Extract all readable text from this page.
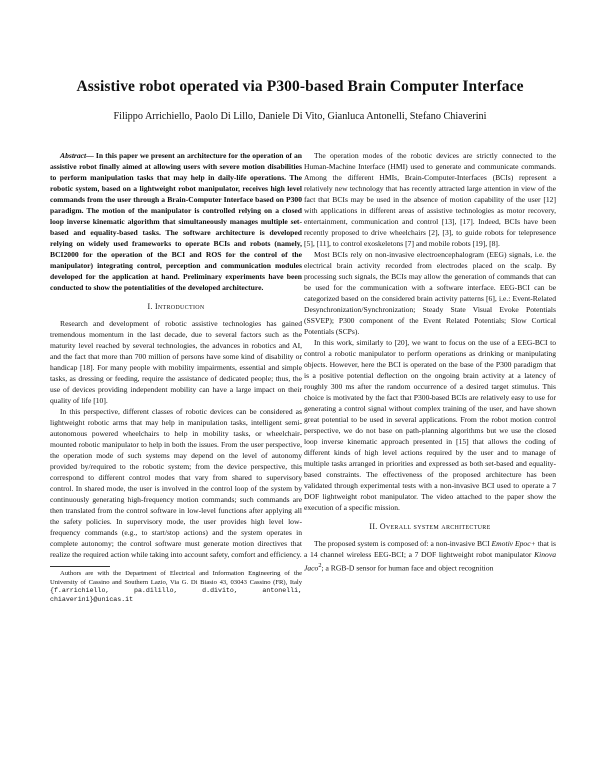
Assistive robot operated via P300-based Brain Computer Interface
Filippo Arrichiello, Paolo Di Lillo, Daniele Di Vito, Gianluca Antonelli, Stefano Chiaverini

Abstract— In this paper we present an architecture for the operation of an assistive robot finally aimed at allowing users with severe motion disabilities to perform manipulation tasks that may help in daily-life operations. The robotic system, based on a lightweight robot manipulator, receives high level commands from the user through a Brain-Computer Interface based on P300 paradigm. The motion of the manipulator is controlled relying on a closed loop inverse kinematic algorithm that simultaneously manages multiple set-based and equality-based tasks. The software architecture is developed relying on widely used frameworks to operate BCIs and robots (namely, BCI2000 for the operation of the BCI and ROS for the control of the manipulator) integrating control, perception and communication modules developed for the application at hand. Preliminary experiments have been conducted to show the potentialities of the developed architecture.

I. Introduction

Research and development of robotic assistive technologies has gained tremendous momentum in the last decade, due to several factors such as the maturity level reached by several technologies, the advances in robotics and AI, and the fact that more than 700 million of persons have some kind of disability or handicap [18]. For many people with mobility impairments, essential and simple tasks, as dressing or feeding, require the assistance of dedicated people; thus, the use of devices providing independent mobility can have a large impact on their quality of life [10].

In this perspective, different classes of robotic devices can be considered as lightweight robotic arms that may help in manipulation tasks, intelligent semi-autonomous powered wheelchairs to help in mobility tasks, or wheelchair-mounted robotic manipulator to help in both the issues. From the user perspective, the operation mode of such systems may depend on the level of autonomy provided by/required to the robotic system; from the device perspective, this correspond to different control modes that vary from shared to supervisory control. In shared mode, the user is involved in the control loop of the system by continuously generating high-frequency motion commands; such commands are then translated from the control software in low-level functions after applying all the safety policies. In supervisory mode, the user provides high level low-frequency commands (e.g., to start/stop actions) and the system operates in complete autonomy; the control software must generate motion directives that realize the required action while taking into account safety, comfort and efficiency.

Authors are with the Department of Electrical and Information Engineering of the University of Cassino and Southern Lazio, Via G. Di Biasio 43, 03043 Cassino (FR), Italy {f.arrichiello, pa.dilillo, d.divito, antonelli, chiaverini}@unicas.it

The operation modes of the robotic devices are strictly connected to the Human-Machine Interface (HMI) used to generate and communicate commands. Among the different HMIs, Brain-Computer-Interfaces (BCIs) represent a relatively new technology that has recently attracted large attention in view of the fact that BCIs may be used in the absence of motion capability of the user [12] with applications in different areas of assistive technologies as motor recovery, entertainment, communication and control [13], [17]. Indeed, BCIs have been recently proposed to drive wheelchairs [2], [3], to guide robots for telepresence [5], [11], to control exoskeletons [7] and mobile robots [19], [8].

Most BCIs rely on non-invasive electroencephalogram (EEG) signals, i.e. the electrical brain activity recorded from electrodes placed on the scalp. By processing such signals, the BCIs may allow the generation of commands that can be used for the communication with a software interface. EEG-BCI can be categorized based on the considered brain activity patterns [6], i.e.: Event-Related Desynchronization/Synchronization; Steady State Visual Evoke Potentials (SSVEP); P300 component of the Event Related Potentials; Slow Cortical Potentials (SCPs).

In this work, similarly to [20], we want to focus on the use of a EEG-BCI to control a robotic manipulator to perform operations as drinking or manipulating objects. However, here the BCI is operated on the base of the P300 paradigm that is a positive potential deflection on the ongoing brain activity at a latency of roughly 300 ms after the random occurrence of a desired target stimulus. This choice is motivated by the fact that P300-based BCIs are relatively easy to use for generating a control signal without complex training of the user, and have shown great potential to be used in several applications. From the robot motion control perspective, we do not base on path-planning algorithms but we use the closed loop inverse kinematic approach presented in [15] that allows the coding of different kinds of high level actions required by the user and to manage of multiple tasks arranged in priorities and expressed as both set-based and equality-based constraints. The effectiveness of the proposed architecture has been validated through experimental tests with a non-invasive BCI used to operate a 7 DOF lightweight robot manipulator. The video attached to the paper show the execution of a specific mission.

II. Overall system architecture

The proposed system is composed of: a non-invasive BCI Emotiv Epoc+ that is a 14 channel wireless EEG-BCI; a 7 DOF lightweight robot manipulator Kinova Jaco$^2$; a RGB-D sensor for human face and object recognition
